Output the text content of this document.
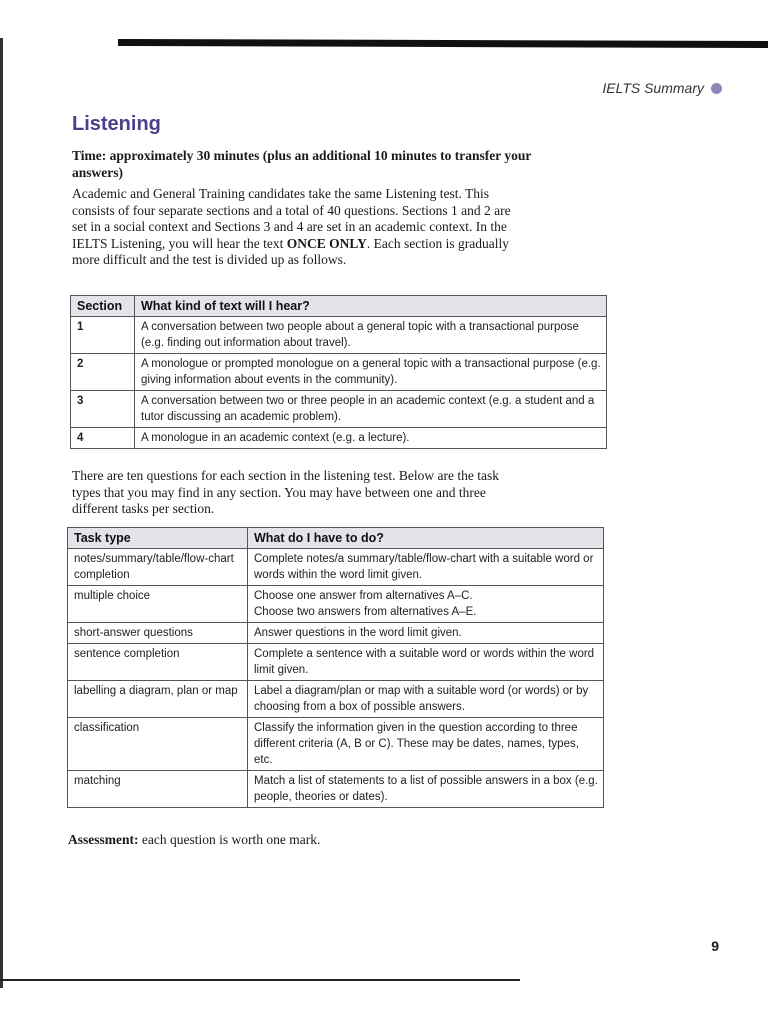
IELTS Summary
Listening

Time: approximately 30 minutes (plus an additional 10 minutes to transfer your answers)

Academic and General Training candidates take the same Listening test. This consists of four separate sections and a total of 40 questions. Sections 1 and 2 are set in a social context and Sections 3 and 4 are set in an academic context. In the IELTS Listening, you will hear the text ONCE ONLY. Each section is gradually more difficult and the test is divided up as follows.

Section	What kind of text will I hear?
1	A conversation between two people about a general topic with a transactional purpose (e.g. finding out information about travel).
2	A monologue or prompted monologue on a general topic with a transactional purpose (e.g. giving information about events in the community).
3	A conversation between two or three people in an academic context (e.g. a student and a tutor discussing an academic problem).
4	A monologue in an academic context (e.g. a lecture).

There are ten questions for each section in the listening test. Below are the task types that you may find in any section. You may have between one and three different tasks per section.

Task type	What do I have to do?
notes/summary/table/flow-chart completion	Complete notes/a summary/table/flow-chart with a suitable word or words within the word limit given.
multiple choice	Choose one answer from alternatives A–C.
Choose two answers from alternatives A–E.
short-answer questions	Answer questions in the word limit given.
sentence completion	Complete a sentence with a suitable word or words within the word limit given.
labelling a diagram, plan or map	Label a diagram/plan or map with a suitable word (or words) or by choosing from a box of possible answers.
classification	Classify the information given in the question according to three different criteria (A, B or C). These may be dates, names, types, etc.
matching	Match a list of statements to a list of possible answers in a box (e.g. people, theories or dates).

Assessment: each question is worth one mark.

9
